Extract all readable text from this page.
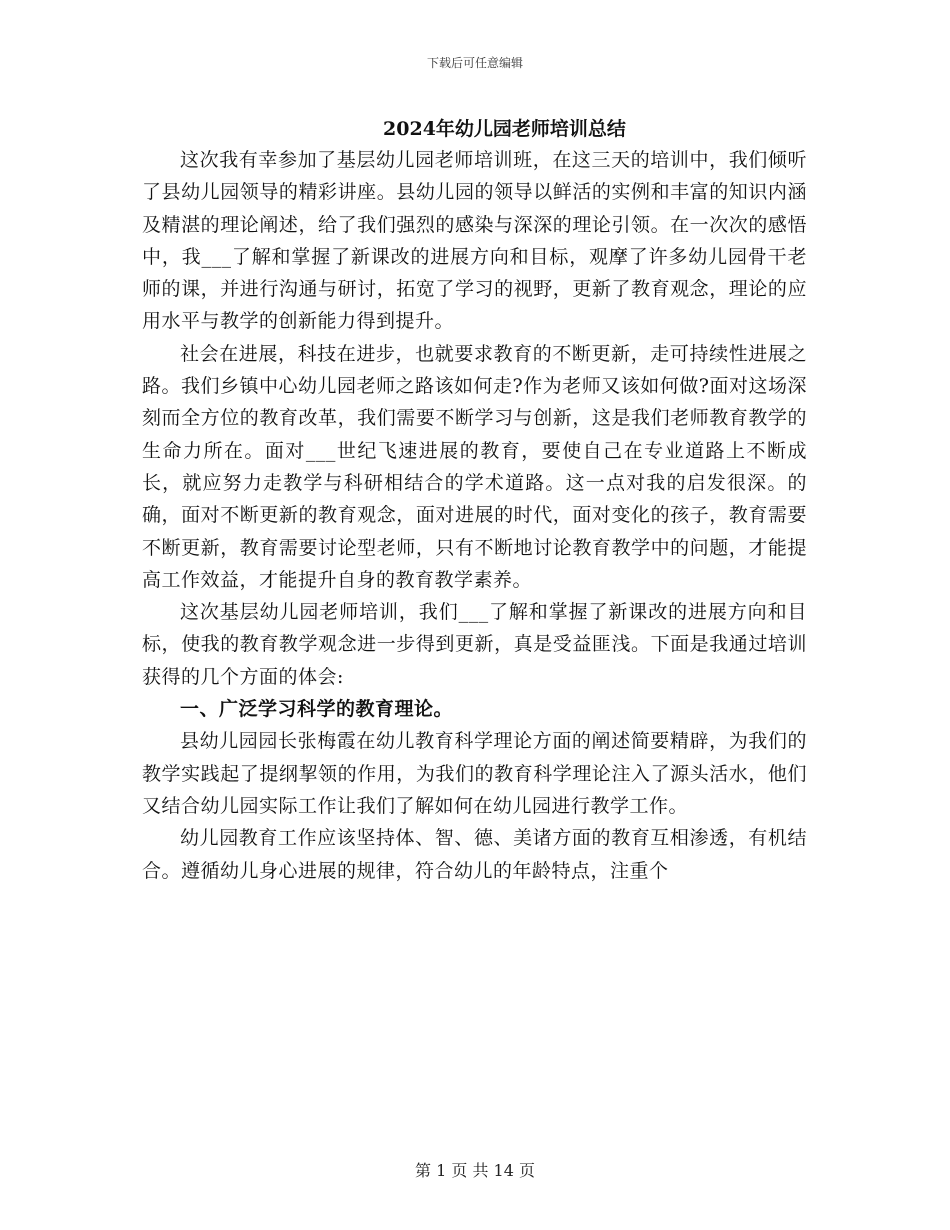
下载后可任意编辑
2024年幼儿园老师培训总结

这次我有幸参加了基层幼儿园老师培训班，在这三天的培训中，我们倾听了县幼儿园领导的精彩讲座。县幼儿园的领导以鲜活的实例和丰富的知识内涵及精湛的理论阐述，给了我们强烈的感染与深深的理论引领。在一次次的感悟中，我___了解和掌握了新课改的进展方向和目标，观摩了许多幼儿园骨干老师的课，并进行沟通与研讨，拓宽了学习的视野，更新了教育观念，理论的应用水平与教学的创新能力得到提升。

社会在进展，科技在进步，也就要求教育的不断更新，走可持续性进展之路。我们乡镇中心幼儿园老师之路该如何走?作为老师又该如何做?面对这场深刻而全方位的教育改革，我们需要不断学习与创新，这是我们老师教育教学的生命力所在。面对___世纪飞速进展的教育，要使自己在专业道路上不断成长，就应努力走教学与科研相结合的学术道路。这一点对我的启发很深。的确，面对不断更新的教育观念，面对进展的时代，面对变化的孩子，教育需要不断更新，教育需要讨论型老师，只有不断地讨论教育教学中的问题，才能提高工作效益，才能提升自身的教育教学素养。

这次基层幼儿园老师培训，我们___了解和掌握了新课改的进展方向和目标，使我的教育教学观念进一步得到更新，真是受益匪浅。下面是我通过培训获得的几个方面的体会:

一、广泛学习科学的教育理论。

县幼儿园园长张梅霞在幼儿教育科学理论方面的阐述简要精辟，为我们的教学实践起了提纲挈领的作用，为我们的教育科学理论注入了源头活水，他们又结合幼儿园实际工作让我们了解如何在幼儿园进行教学工作。

幼儿园教育工作应该坚持体、智、德、美诸方面的教育互相渗透，有机结合。遵循幼儿身心进展的规律，符合幼儿的年龄特点，注重个

第 1 页 共 14 页
